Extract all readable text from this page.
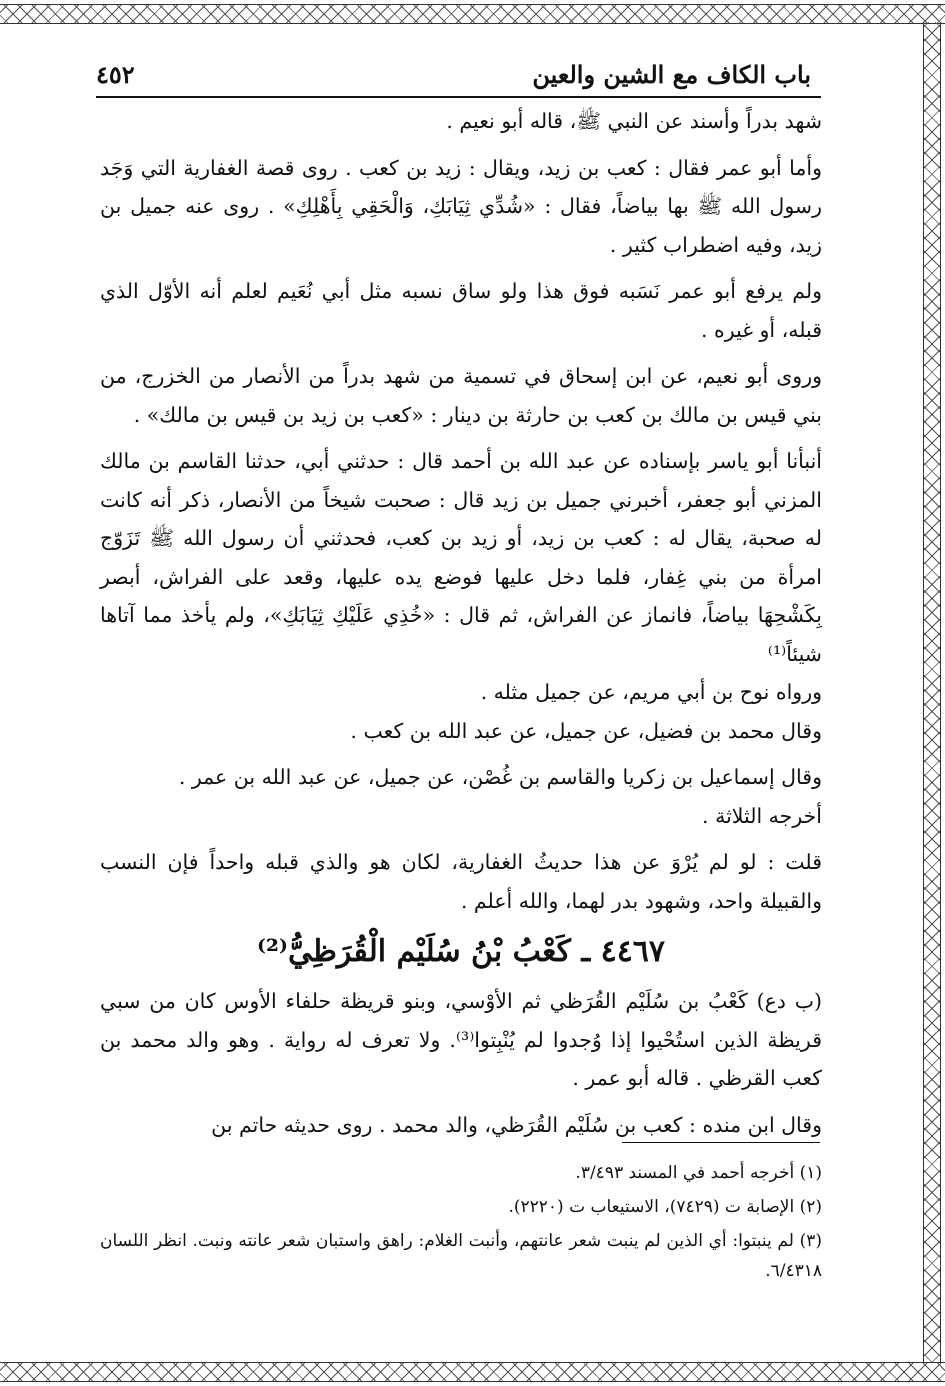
باب الكاف مع الشين والعين
٤٥٢

شهد بدراً وأسند عن النبي ﷺ، قاله أبو نعيم .

وأما أبو عمر فقال : كعب بن زيد، ويقال : زيد بن كعب . روى قصة الغفارية التي وَجَد رسول الله ﷺ بها بياضاً، فقال : «شُدِّي ثِيَابَكِ، وَالْحَقِي بِأَهْلِكِ» . روى عنه جميل بن زيد، وفيه اضطراب كثير .

ولم يرفع أبو عمر نَسَبه فوق هذا ولو ساق نسبه مثل أبي نُعَيم لعلم أنه الأوّل الذي قبله، أو غيره .

وروى أبو نعيم، عن ابن إسحاق في تسمية من شهد بدراً من الأنصار من الخزرج، من بني قيس بن مالك بن كعب بن حارثة بن دينار : «كعب بن زيد بن قيس بن مالك» .

أنبأنا أبو ياسر بإسناده عن عبد الله بن أحمد قال : حدثني أبي، حدثنا القاسم بن مالك المزني أبو جعفر، أخبرني جميل بن زيد قال : صحبت شيخاً من الأنصار، ذكر أنه كانت له صحبة، يقال له : كعب بن زيد، أو زيد بن كعب، فحدثني أن رسول الله ﷺ تَزَوّج امرأة من بني غِفار، فلما دخل عليها فوضع يده عليها، وقعد على الفراش، أبصر بِكَشْحِهَا بياضاً، فانماز عن الفراش، ثم قال : «خُذِي عَلَيْكِ ثِيَابَكِ»، ولم يأخذ مما آتاها شيئاً⁽¹⁾

ورواه نوح بن أبي مريم، عن جميل مثله .

وقال محمد بن فضيل، عن جميل، عن عبد الله بن كعب .

وقال إسماعيل بن زكريا والقاسم بن غُصْن، عن جميل، عن عبد الله بن عمر .

أخرجه الثلاثة .

قلت : لو لم يُرْوَ عن هذا حديثُ الغفارية، لكان هو والذي قبله واحداً فإن النسب والقبيلة واحد، وشهود بدر لهما، والله أعلم .

٤٤٦٧ ـ كَعْبُ بْنُ سُلَيْم الْقُرَظِيُّ⁽²⁾

(ب دع) كَعْبُ بن سُلَيْم القُرَظي ثم الأوْسي، وبنو قريظة حلفاء الأوس كان من سبي قريظة الذين استُحْيوا إذا وُجدوا لم يُنْبِتوا⁽³⁾. ولا تعرف له رواية . وهو والد محمد بن كعب القرظي . قاله أبو عمر .

وقال ابن منده : كعب بن سُلَيْم القُرَظي، والد محمد . روى حديثه حاتم بن

(١) أخرجه أحمد في المسند ٣/٤٩٣.

(٢) الإصابة ت (٧٤٢٩)، الاستيعاب ت (٢٢٢٠).

(٣) لم ينبتوا: أي الذين لم ينبت شعر عانتهم، وأنبت الغلام: راهق واستبان شعر عانته ونبت. انظر اللسان ٦/٤٣١٨.
